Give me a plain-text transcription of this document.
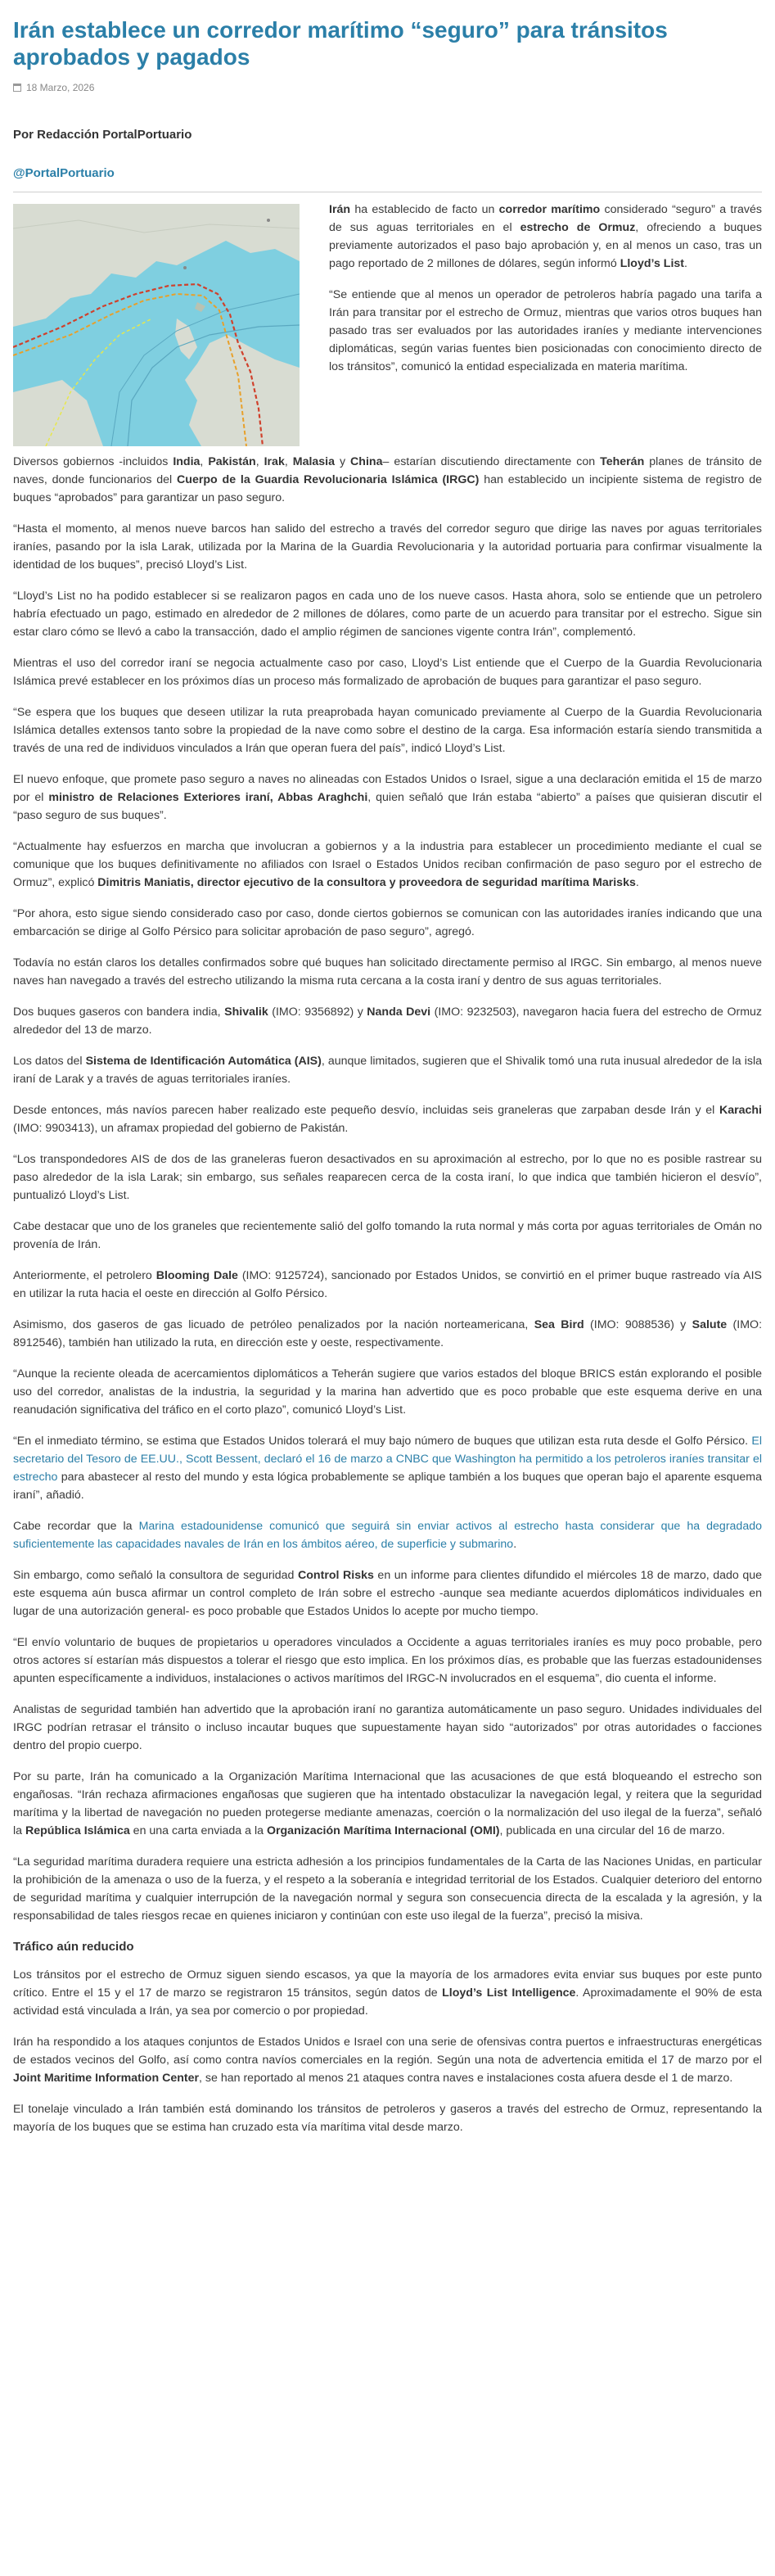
Irán establece un corredor marítimo “seguro” para tránsitos aprobados y pagados
18 Marzo, 2026
Por Redacción PortalPortuario
@PortalPortuario

Irán ha establecido de facto un corredor marítimo considerado “seguro” a través de sus aguas territoriales en el estrecho de Ormuz, ofreciendo a buques previamente autorizados el paso bajo aprobación y, en al menos un caso, tras un pago reportado de 2 millones de dólares, según informó Lloyd’s List.

“Se entiende que al menos un operador de petroleros habría pagado una tarifa a Irán para transitar por el estrecho de Ormuz, mientras que varios otros buques han pasado tras ser evaluados por las autoridades iraníes y mediante intervenciones diplomáticas, según varias fuentes bien posicionadas con conocimiento directo de los tránsitos”, comunicó la entidad especializada en materia marítima.

Diversos gobiernos -incluidos India, Pakistán, Irak, Malasia y China– estarían discutiendo directamente con Teherán planes de tránsito de naves, donde funcionarios del Cuerpo de la Guardia Revolucionaria Islámica (IRGC) han establecido un incipiente sistema de registro de buques “aprobados” para garantizar un paso seguro.

“Hasta el momento, al menos nueve barcos han salido del estrecho a través del corredor seguro que dirige las naves por aguas territoriales iraníes, pasando por la isla Larak, utilizada por la Marina de la Guardia Revolucionaria y la autoridad portuaria para confirmar visualmente la identidad de los buques”, precisó Lloyd’s List.

“Lloyd’s List no ha podido establecer si se realizaron pagos en cada uno de los nueve casos. Hasta ahora, solo se entiende que un petrolero habría efectuado un pago, estimado en alrededor de 2 millones de dólares, como parte de un acuerdo para transitar por el estrecho. Sigue sin estar claro cómo se llevó a cabo la transacción, dado el amplio régimen de sanciones vigente contra Irán”, complementó.

Mientras el uso del corredor iraní se negocia actualmente caso por caso, Lloyd’s List entiende que el Cuerpo de la Guardia Revolucionaria Islámica prevé establecer en los próximos días un proceso más formalizado de aprobación de buques para garantizar el paso seguro.

“Se espera que los buques que deseen utilizar la ruta preaprobada hayan comunicado previamente al Cuerpo de la Guardia Revolucionaria Islámica detalles extensos tanto sobre la propiedad de la nave como sobre el destino de la carga. Esa información estaría siendo transmitida a través de una red de individuos vinculados a Irán que operan fuera del país”, indicó Lloyd’s List.

El nuevo enfoque, que promete paso seguro a naves no alineadas con Estados Unidos o Israel, sigue a una declaración emitida el 15 de marzo por el ministro de Relaciones Exteriores iraní, Abbas Araghchi, quien señaló que Irán estaba “abierto” a países que quisieran discutir el “paso seguro de sus buques”.

“Actualmente hay esfuerzos en marcha que involucran a gobiernos y a la industria para establecer un procedimiento mediante el cual se comunique que los buques definitivamente no afiliados con Israel o Estados Unidos reciban confirmación de paso seguro por el estrecho de Ormuz”, explicó Dimitris Maniatis, director ejecutivo de la consultora y proveedora de seguridad marítima Marisks.

“Por ahora, esto sigue siendo considerado caso por caso, donde ciertos gobiernos se comunican con las autoridades iraníes indicando que una embarcación se dirige al Golfo Pérsico para solicitar aprobación de paso seguro”, agregó.

Todavía no están claros los detalles confirmados sobre qué buques han solicitado directamente permiso al IRGC. Sin embargo, al menos nueve naves han navegado a través del estrecho utilizando la misma ruta cercana a la costa iraní y dentro de sus aguas territoriales.

Dos buques gaseros con bandera india, Shivalik (IMO: 9356892) y Nanda Devi (IMO: 9232503), navegaron hacia fuera del estrecho de Ormuz alrededor del 13 de marzo.

Los datos del Sistema de Identificación Automática (AIS), aunque limitados, sugieren que el Shivalik tomó una ruta inusual alrededor de la isla iraní de Larak y a través de aguas territoriales iraníes.

Desde entonces, más navíos parecen haber realizado este pequeño desvío, incluidas seis graneleras que zarpaban desde Irán y el Karachi (IMO: 9903413), un aframax propiedad del gobierno de Pakistán.

“Los transpondedores AIS de dos de las graneleras fueron desactivados en su aproximación al estrecho, por lo que no es posible rastrear su paso alrededor de la isla Larak; sin embargo, sus señales reaparecen cerca de la costa iraní, lo que indica que también hicieron el desvío”, puntualizó Lloyd’s List.

Cabe destacar que uno de los graneles que recientemente salió del golfo tomando la ruta normal y más corta por aguas territoriales de Omán no provenía de Irán.

Anteriormente, el petrolero Blooming Dale (IMO: 9125724), sancionado por Estados Unidos, se convirtió en el primer buque rastreado vía AIS en utilizar la ruta hacia el oeste en dirección al Golfo Pérsico.

Asimismo, dos gaseros de gas licuado de petróleo penalizados por la nación norteamericana, Sea Bird (IMO: 9088536) y Salute (IMO: 8912546), también han utilizado la ruta, en dirección este y oeste, respectivamente.

“Aunque la reciente oleada de acercamientos diplomáticos a Teherán sugiere que varios estados del bloque BRICS están explorando el posible uso del corredor, analistas de la industria, la seguridad y la marina han advertido que es poco probable que este esquema derive en una reanudación significativa del tráfico en el corto plazo”, comunicó Lloyd’s List.

“En el inmediato término, se estima que Estados Unidos tolerará el muy bajo número de buques que utilizan esta ruta desde el Golfo Pérsico. El secretario del Tesoro de EE.UU., Scott Bessent, declaró el 16 de marzo a CNBC que Washington ha permitido a los petroleros iraníes transitar el estrecho para abastecer al resto del mundo y esta lógica probablemente se aplique también a los buques que operan bajo el aparente esquema iraní”, añadió.

Cabe recordar que la Marina estadounidense comunicó que seguirá sin enviar activos al estrecho hasta considerar que ha degradado suficientemente las capacidades navales de Irán en los ámbitos aéreo, de superficie y submarino.

Sin embargo, como señaló la consultora de seguridad Control Risks en un informe para clientes difundido el miércoles 18 de marzo, dado que este esquema aún busca afirmar un control completo de Irán sobre el estrecho -aunque sea mediante acuerdos diplomáticos individuales en lugar de una autorización general- es poco probable que Estados Unidos lo acepte por mucho tiempo.

“El envío voluntario de buques de propietarios u operadores vinculados a Occidente a aguas territoriales iraníes es muy poco probable, pero otros actores sí estarían más dispuestos a tolerar el riesgo que esto implica. En los próximos días, es probable que las fuerzas estadounidenses apunten específicamente a individuos, instalaciones o activos marítimos del IRGC-N involucrados en el esquema”, dio cuenta el informe.

Analistas de seguridad también han advertido que la aprobación iraní no garantiza automáticamente un paso seguro. Unidades individuales del IRGC podrían retrasar el tránsito o incluso incautar buques que supuestamente hayan sido “autorizados” por otras autoridades o facciones dentro del propio cuerpo.

Por su parte, Irán ha comunicado a la Organización Marítima Internacional que las acusaciones de que está bloqueando el estrecho son engañosas. “Irán rechaza afirmaciones engañosas que sugieren que ha intentado obstaculizar la navegación legal, y reitera que la seguridad marítima y la libertad de navegación no pueden protegerse mediante amenazas, coerción o la normalización del uso ilegal de la fuerza”, señaló la República Islámica en una carta enviada a la Organización Marítima Internacional (OMI), publicada en una circular del 16 de marzo.

“La seguridad marítima duradera requiere una estricta adhesión a los principios fundamentales de la Carta de las Naciones Unidas, en particular la prohibición de la amenaza o uso de la fuerza, y el respeto a la soberanía e integridad territorial de los Estados. Cualquier deterioro del entorno de seguridad marítima y cualquier interrupción de la navegación normal y segura son consecuencia directa de la escalada y la agresión, y la responsabilidad de tales riesgos recae en quienes iniciaron y continúan con este uso ilegal de la fuerza”, precisó la misiva.

Tráfico aún reducido

Los tránsitos por el estrecho de Ormuz siguen siendo escasos, ya que la mayoría de los armadores evita enviar sus buques por este punto crítico. Entre el 15 y el 17 de marzo se registraron 15 tránsitos, según datos de Lloyd’s List Intelligence. Aproximadamente el 90% de esta actividad está vinculada a Irán, ya sea por comercio o por propiedad.

Irán ha respondido a los ataques conjuntos de Estados Unidos e Israel con una serie de ofensivas contra puertos e infraestructuras energéticas de estados vecinos del Golfo, así como contra navíos comerciales en la región. Según una nota de advertencia emitida el 17 de marzo por el Joint Maritime Information Center, se han reportado al menos 21 ataques contra naves e instalaciones costa afuera desde el 1 de marzo.

El tonelaje vinculado a Irán también está dominando los tránsitos de petroleros y gaseros a través del estrecho de Ormuz, representando la mayoría de los buques que se estima han cruzado esta vía marítima vital desde marzo.
